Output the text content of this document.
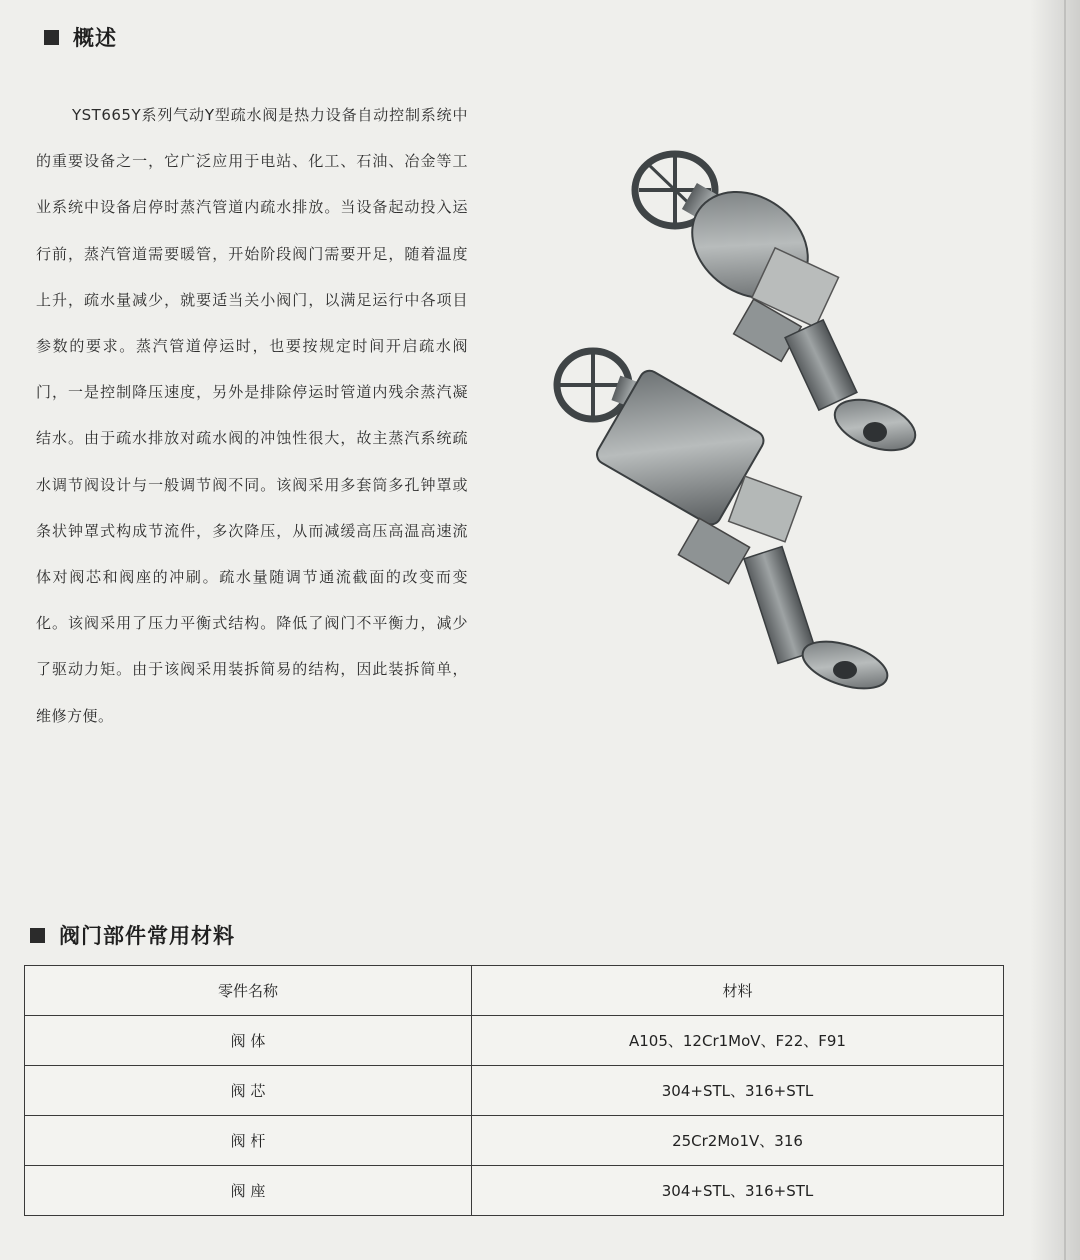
概述

YST665Y系列气动Y型疏水阀是热力设备自动控制系统中的重要设备之一，它广泛应用于电站、化工、石油、冶金等工业系统中设备启停时蒸汽管道内疏水排放。当设备起动投入运行前，蒸汽管道需要暖管，开始阶段阀门需要开足，随着温度上升，疏水量减少，就要适当关小阀门，以满足运行中各项目参数的要求。蒸汽管道停运时，也要按规定时间开启疏水阀门，一是控制降压速度，另外是排除停运时管道内残余蒸汽凝结水。由于疏水排放对疏水阀的冲蚀性很大，故主蒸汽系统疏水调节阀设计与一般调节阀不同。该阀采用多套筒多孔钟罩或条状钟罩式构成节流件，多次降压，从而减缓高压高温高速流体对阀芯和阀座的冲刷。疏水量随调节通流截面的改变而变化。该阀采用了压力平衡式结构。降低了阀门不平衡力，减少了驱动力矩。由于该阀采用装拆简易的结构，因此装拆简单，维修方便。

阀门部件常用材料
零件名称	材料
阀 体	A105、12Cr1MoV、F22、F91
阀 芯	304+STL、316+STL
阀 杆	25Cr2Mo1V、316
阀 座	304+STL、316+STL
